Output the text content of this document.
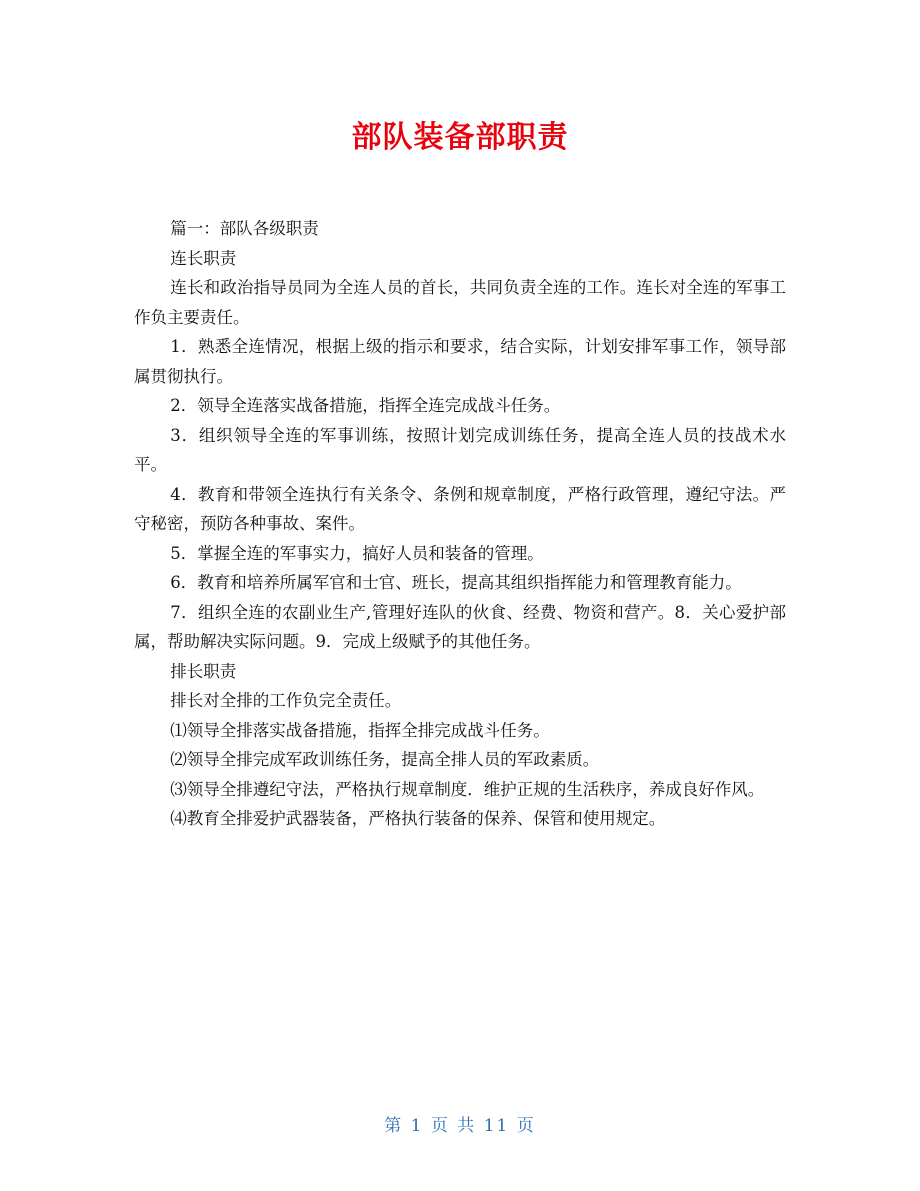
部队装备部职责

篇一：部队各级职责

连长职责

连长和政治指导员同为全连人员的首长，共同负责全连的工作。连长对全连的军事工作负主要责任。

1．熟悉全连情况，根据上级的指示和要求，结合实际，计划安排军事工作，领导部属贯彻执行。

2．领导全连落实战备措施，指挥全连完成战斗任务。

3．组织领导全连的军事训练，按照计划完成训练任务，提高全连人员的技战术水平。

4．教育和带领全连执行有关条令、条例和规章制度，严格行政管理，遵纪守法。严守秘密，预防各种事故、案件。

5．掌握全连的军事实力，搞好人员和装备的管理。

6．教育和培养所属军官和士官、班长，提高其组织指挥能力和管理教育能力。

7．组织全连的农副业生产,管理好连队的伙食、经费、物资和营产。8．关心爱护部属，帮助解决实际问题。9．完成上级赋予的其他任务。

排长职责

排长对全排的工作负完全责任。

⑴领导全排落实战备措施，指挥全排完成战斗任务。

⑵领导全排完成军政训练任务，提高全排人员的军政素质。

⑶领导全排遵纪守法，严格执行规章制度．维护正规的生活秩序，养成良好作风。

⑷教育全排爱护武器装备，严格执行装备的保养、保管和使用规定。

第 1 页 共 11 页
